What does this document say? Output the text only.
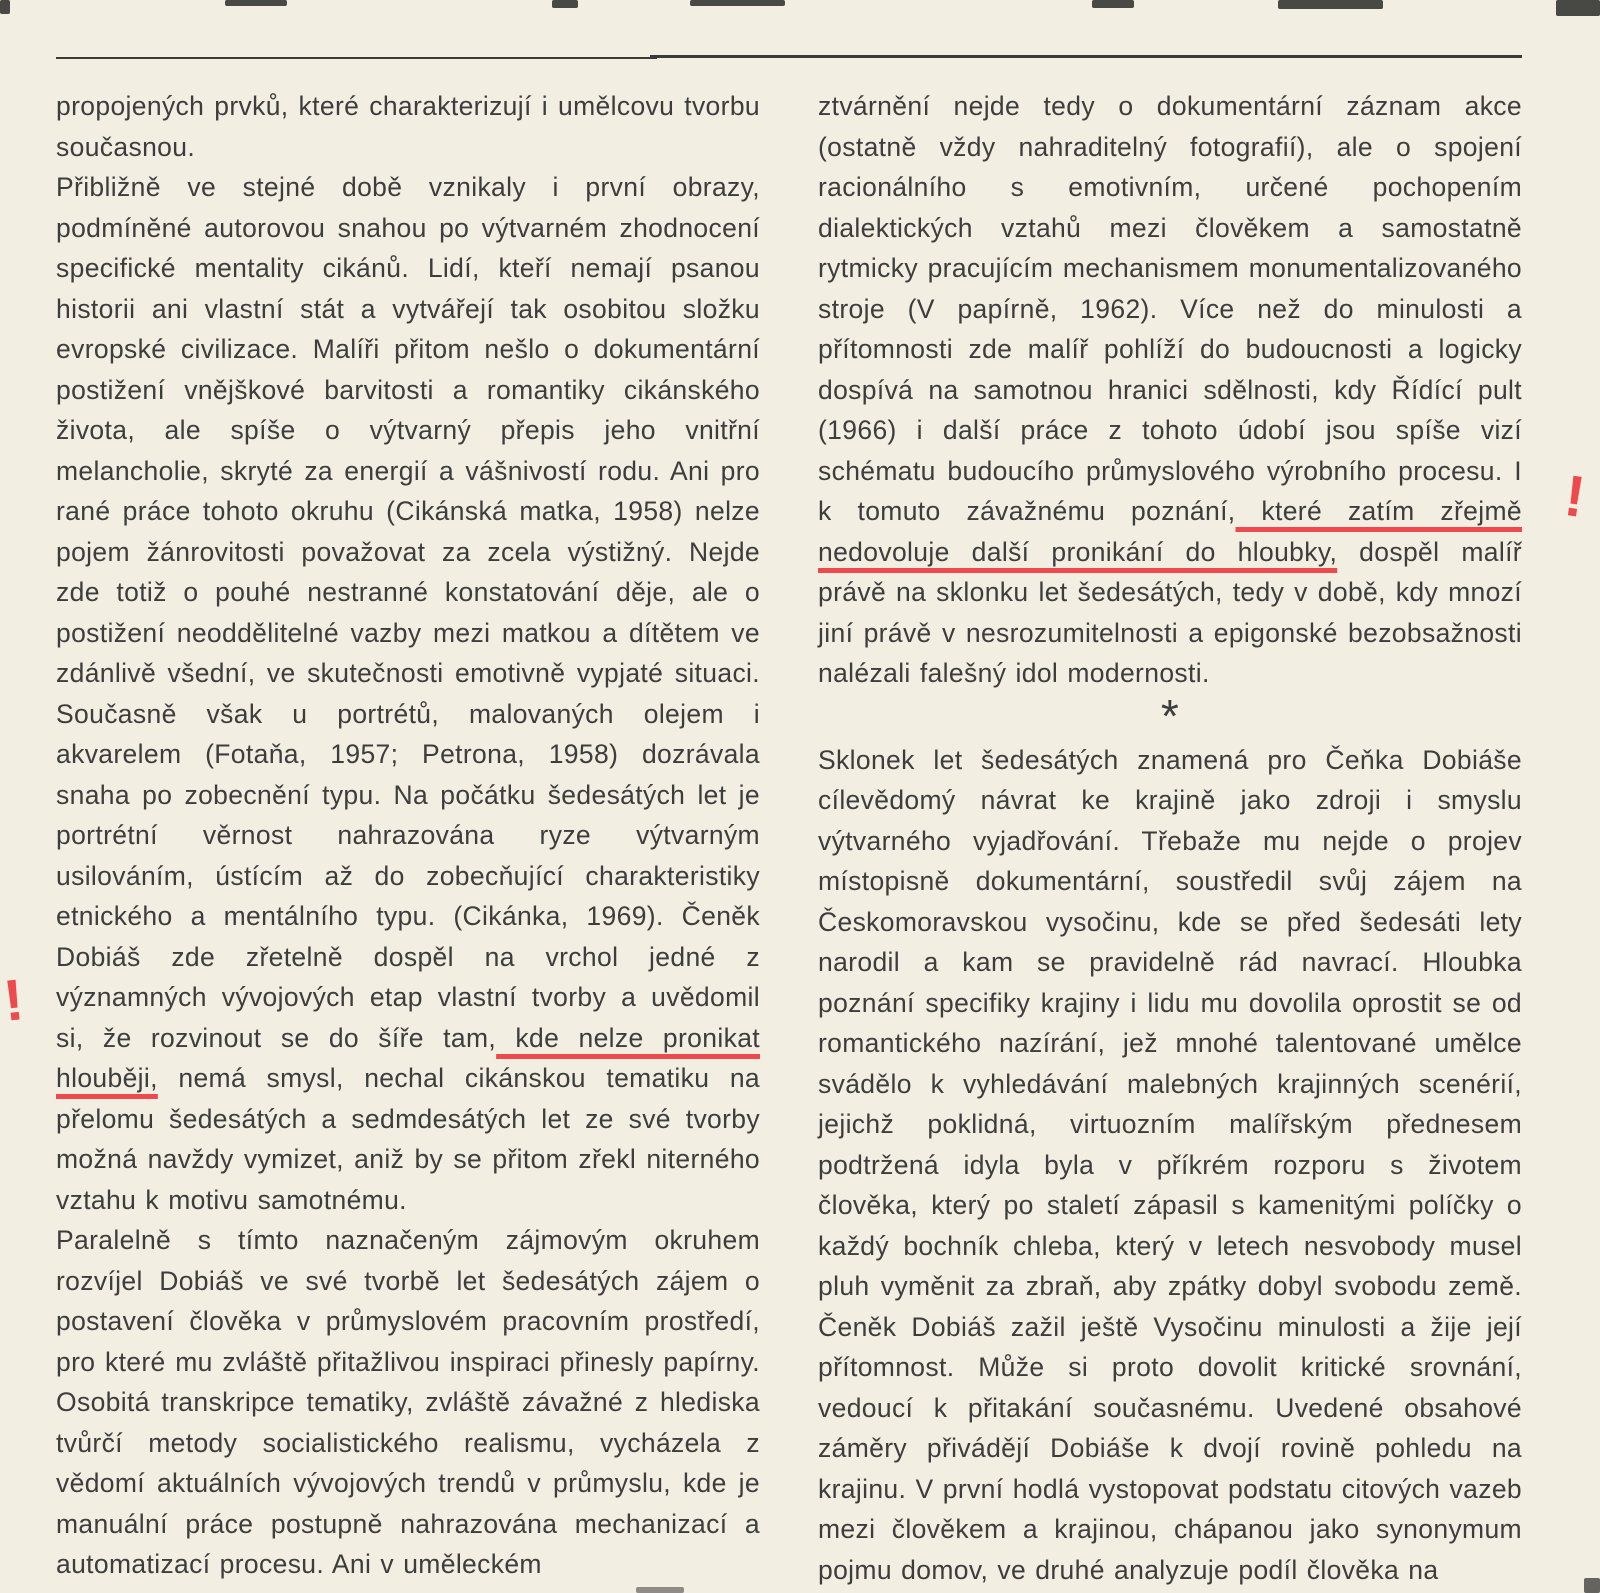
propojených prvků, které charakterizují i umělcovu tvorbu současnou.

Přibližně ve stejné době vznikaly i první obrazy, podmíněné autorovou snahou po výtvarném zhodnocení specifické mentality cikánů. Lidí, kteří nemají psanou historii ani vlastní stát a vytvářejí tak osobitou složku evropské civilizace. Malíři přitom nešlo o dokumentární postižení vnějškové barvitosti a romantiky cikánského života, ale spíše o výtvarný přepis jeho vnitřní melancholie, skryté za energií a vášnivostí rodu. Ani pro rané práce tohoto okruhu (Cikánská matka, 1958) nelze pojem žánrovitosti považovat za zcela výstižný. Nejde zde totiž o pouhé nestranné konstatování děje, ale o postižení neoddělitelné vazby mezi matkou a dítětem ve zdánlivě všední, ve skutečnosti emotivně vypjaté situaci. Současně však u portrétů, malovaných olejem i akvarelem (Fotaňa, 1957; Petrona, 1958) dozrávala snaha po zobecnění typu. Na počátku šedesátých let je portrétní věrnost nahrazována ryze výtvarným usilováním, ústícím až do zobecňující charakteristiky etnického a mentálního typu. (Cikánka, 1969). Čeněk Dobiáš zde zřetelně dospěl na vrchol jedné z významných vývojových etap vlastní tvorby a uvědomil si, že rozvinout se do šíře tam, kde nelze pronikat hlouběji, nemá smysl, nechal cikánskou tematiku na přelomu šedesátých a sedmdesátých let ze své tvorby možná navždy vymizet, aniž by se přitom zřekl niterného vztahu k motivu samotnému.

Paralelně s tímto naznačeným zájmovým okruhem rozvíjel Dobiáš ve své tvorbě let šedesátých zájem o postavení člověka v průmyslovém pracovním prostředí, pro které mu zvláště přitažlivou inspiraci přinesly papírny. Osobitá transkripce tematiky, zvláště závažné z hlediska tvůrčí metody socialistického realismu, vycházela z vědomí aktuálních vývojových trendů v průmyslu, kde je manuální práce postupně nahrazována mechanizací a automatizací procesu. Ani v uměleckém

ztvárnění nejde tedy o dokumentární záznam akce (ostatně vždy nahraditelný fotografií), ale o spojení racionálního s emotivním, určené pochopením dialektických vztahů mezi člověkem a samostatně rytmicky pracujícím mechanismem monumentalizovaného stroje (V papírně, 1962). Více než do minulosti a přítomnosti zde malíř pohlíží do budoucnosti a logicky dospívá na samotnou hranici sdělnosti, kdy Řídící pult (1966) i další práce z tohoto údobí jsou spíše vizí schématu budoucího průmyslového výrobního procesu. I k tomuto závažnému poznání, které zatím zřejmě nedovoluje další pronikání do hloubky, dospěl malíř právě na sklonku let šedesátých, tedy v době, kdy mnozí jiní právě v nesrozumitelnosti a epigonské bezobsažnosti nalézali falešný idol modernosti.

*

Sklonek let šedesátých znamená pro Čeňka Dobiáše cílevědomý návrat ke krajině jako zdroji i smyslu výtvarného vyjadřování. Třebaže mu nejde o projev místopisně dokumentární, soustředil svůj zájem na Českomoravskou vysočinu, kde se před šedesáti lety narodil a kam se pravidelně rád navrací. Hloubka poznání specifiky krajiny i lidu mu dovolila oprostit se od romantického nazírání, jež mnohé talentované umělce svádělo k vyhledávání malebných krajinných scenérií, jejichž poklidná, virtuozním malířským přednesem podtržená idyla byla v příkrém rozporu s životem člověka, který po staletí zápasil s kamenitými políčky o každý bochník chleba, který v letech nesvobody musel pluh vyměnit za zbraň, aby zpátky dobyl svobodu země. Čeněk Dobiáš zažil ještě Vysočinu minulosti a žije její přítomnost. Může si proto dovolit kritické srovnání, vedoucí k přitakání současnému. Uvedené obsahové záměry přivádějí Dobiáše k dvojí rovině pohledu na krajinu. V první hodlá vystopovat podstatu citových vazeb mezi člověkem a krajinou, chápanou jako synonymum pojmu domov, ve druhé analyzuje podíl člověka na

!
!
